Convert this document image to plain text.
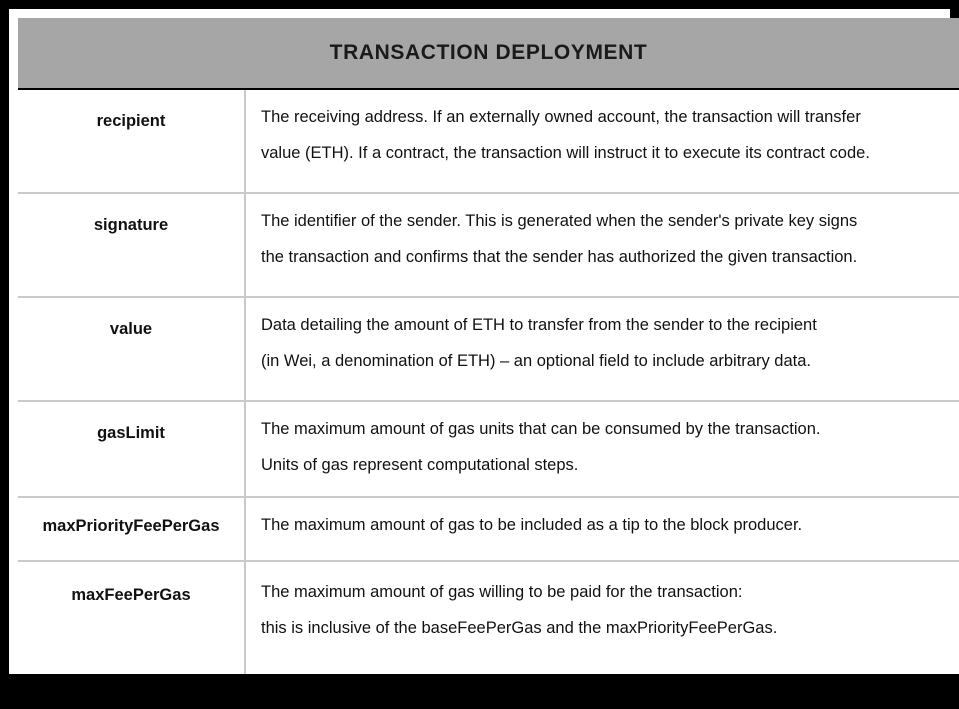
TRANSACTION DEPLOYMENT
recipient	The receiving address. If an externally owned account, the transaction will transfer
value (ETH). If a contract, the transaction will instruct it to execute its contract code.
signature	The identifier of the sender. This is generated when the sender's private key signs
the transaction and confirms that the sender has authorized the given transaction.
value	Data detailing the amount of ETH to transfer from the sender to the recipient
(in Wei, a denomination of ETH) – an optional field to include arbitrary data.
gasLimit	The maximum amount of gas units that can be consumed by the transaction.
Units of gas represent computational steps.
maxPriorityFeePerGas	The maximum amount of gas to be included as a tip to the block producer.
maxFeePerGas	The maximum amount of gas willing to be paid for the transaction:
this is inclusive of the baseFeePerGas and the maxPriorityFeePerGas.
